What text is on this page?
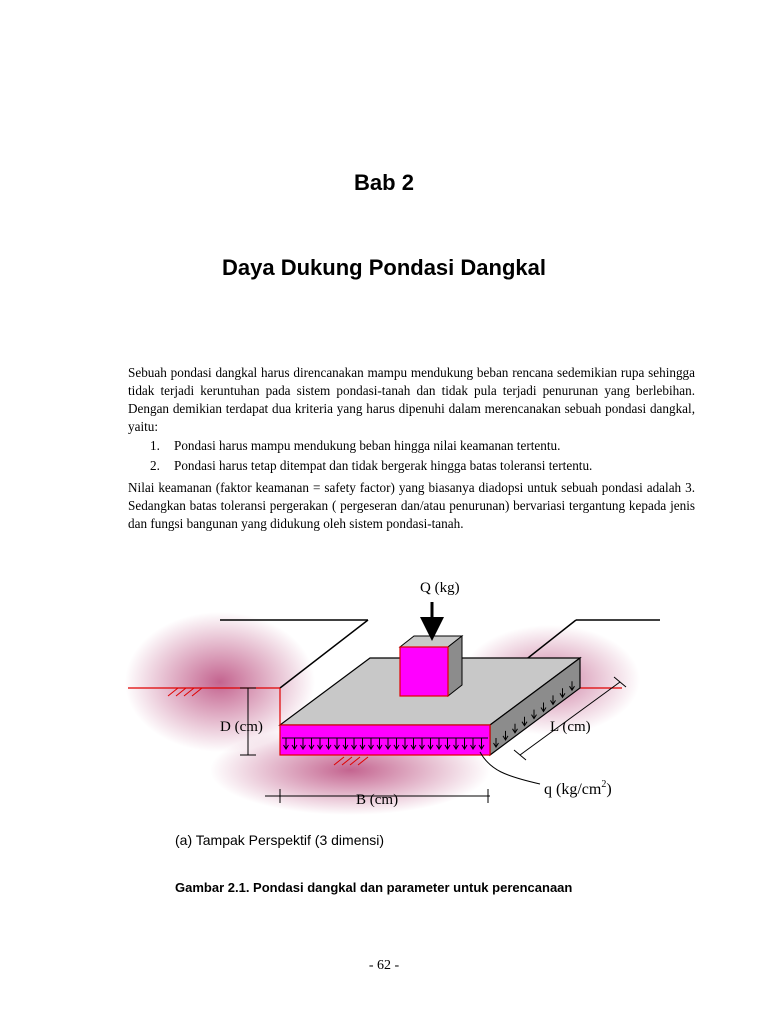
Bab 2
Daya Dukung Pondasi Dangkal
Sebuah pondasi dangkal harus direncanakan mampu mendukung beban rencana sedemikian rupa sehingga tidak terjadi keruntuhan pada sistem pondasi-tanah dan tidak pula terjadi penurunan yang berlebihan. Dengan demikian terdapat dua kriteria yang harus dipenuhi dalam merencanakan sebuah pondasi dangkal, yaitu:
1. Pondasi harus mampu mendukung beban hingga nilai keamanan tertentu.
2. Pondasi harus tetap ditempat dan tidak bergerak hingga batas toleransi tertentu.
Nilai keamanan (faktor keamanan = safety factor) yang biasanya diadopsi untuk sebuah pondasi adalah 3. Sedangkan batas toleransi pergerakan ( pergeseran dan/atau penurunan) bervariasi tergantung kepada jenis dan fungsi bangunan yang didukung oleh sistem pondasi-tanah.
Q (kg)
D (cm)	L (cm)
B (cm)
q $(kg/cm^2)$
(a) Tampak Perspektif (3 dimensi)
Gambar 2.1. Pondasi dangkal dan parameter untuk perencanaan
- 62 -
